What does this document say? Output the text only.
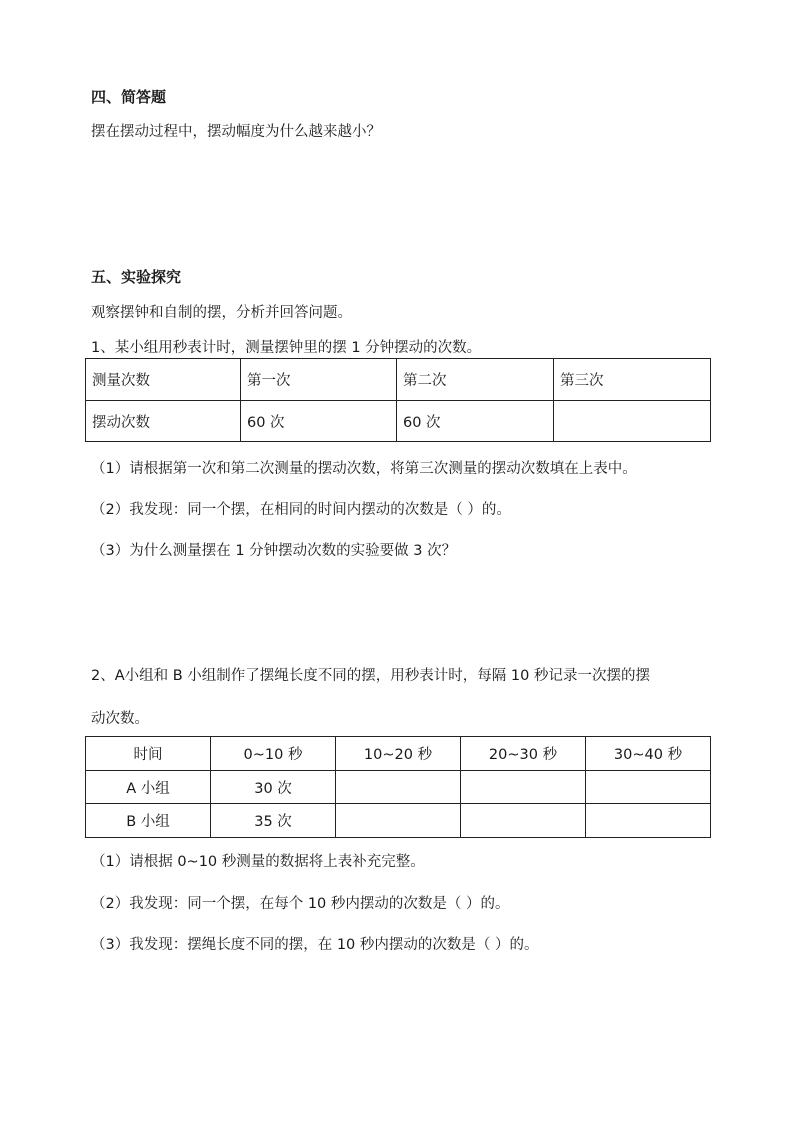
四、简答题
摆在摆动过程中，摆动幅度为什么越来越小？
五、实验探究
观察摆钟和自制的摆，分析并回答问题。
1、某小组用秒表计时，测量摆钟里的摆 1 分钟摆动的次数。
测量次数	第一次	第二次	第三次
摆动次数	60 次	60 次	
（1）请根据第一次和第二次测量的摆动次数，将第三次测量的摆动次数填在上表中。
（2）我发现：同一个摆，在相同的时间内摆动的次数是（ ）的。
（3）为什么测量摆在 1 分钟摆动次数的实验要做 3 次？
2、A小组和 B 小组制作了摆绳长度不同的摆，用秒表计时，每隔 10 秒记录一次摆的摆
动次数。
时间	0~10 秒	10~20 秒	20~30 秒	30~40 秒
A 小组	30 次			
B 小组	35 次			
（1）请根据 0~10 秒测量的数据将上表补充完整。
（2）我发现：同一个摆，在每个 10 秒内摆动的次数是（ ）的。
（3）我发现：摆绳长度不同的摆，在 10 秒内摆动的次数是（ ）的。
